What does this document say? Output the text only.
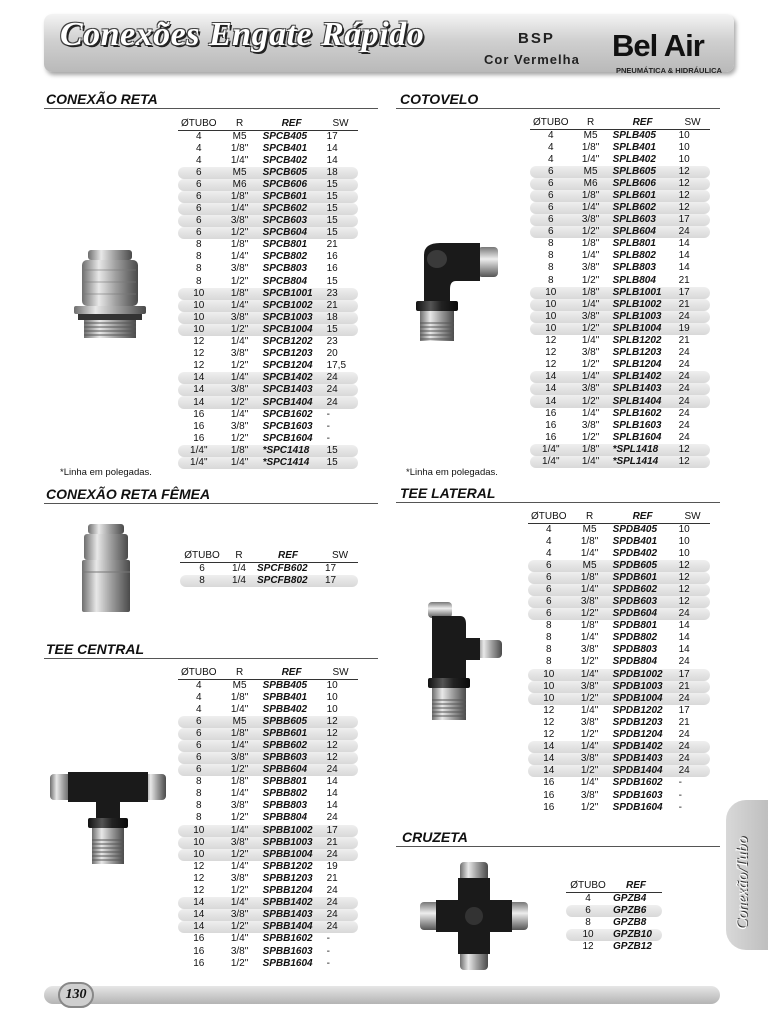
Conexões Engate Rápido	BSP
Cor Vermelha Bel Air
PNEUMÁTICA & HIDRÁULICA
CONEXÃO RETA
ØTUBO	R	REF	SW
4	M5	SPCB405	17
4	1/8"	SPCB401	14
4	1/4"	SPCB402	14
6	M5	SPCB605	18
6	M6	SPCB606	15
6	1/8"	SPCB601	15
6	1/4"	SPCB602	15
6	3/8"	SPCB603	15
6	1/2"	SPCB604	15
8	1/8"	SPCB801	21
8	1/4"	SPCB802	16
8	3/8"	SPCB803	16
8	1/2"	SPCB804	15
10	1/8"	SPCB1001	23
10	1/4"	SPCB1002	21
10	3/8"	SPCB1003	18
10	1/2"	SPCB1004	15
12	1/4"	SPCB1202	23
12	3/8"	SPCB1203	20
12	1/2"	SPCB1204	17,5
14	1/4"	SPCB1402	24
14	3/8"	SPCB1403	24
14	1/2"	SPCB1404	24
16	1/4"	SPCB1602	-
16	3/8"	SPCB1603	-
16	1/2"	SPCB1604	-
1/4"	1/8"	*SPC1418	15
1/4"	1/4"	*SPC1414	15
*Linha em polegadas.
COTOVELO
ØTUBO	R	REF	SW
4	M5	SPLB405	10
4	1/8"	SPLB401	10
4	1/4"	SPLB402	10
6	M5	SPLB605	12
6	M6	SPLB606	12
6	1/8"	SPLB601	12
6	1/4"	SPLB602	12
6	3/8"	SPLB603	17
6	1/2"	SPLB604	24
8	1/8"	SPLB801	14
8	1/4"	SPLB802	14
8	3/8"	SPLB803	14
8	1/2"	SPLB804	21
10	1/8"	SPLB1001	17
10	1/4"	SPLB1002	21
10	3/8"	SPLB1003	24
10	1/2"	SPLB1004	19
12	1/4"	SPLB1202	21
12	3/8"	SPLB1203	24
12	1/2"	SPLB1204	24
14	1/4"	SPLB1402	24
14	3/8"	SPLB1403	24
14	1/2"	SPLB1404	24
16	1/4"	SPLB1602	24
16	3/8"	SPLB1603	24
16	1/2"	SPLB1604	24
1/4"	1/8"	*SPL1418	12
1/4"	1/4"	*SPL1414	12
*Linha em polegadas.
CONEXÃO RETA FÊMEA
ØTUBO	R	REF	SW
6	1/4	SPCFB602	17
8	1/4	SPCFB802	17
TEE LATERAL
ØTUBO	R	REF	SW
4	M5	SPDB405	10
4	1/8"	SPDB401	10
4	1/4"	SPDB402	10
6	M5	SPDB605	12
6	1/8"	SPDB601	12
6	1/4"	SPDB602	12
6	3/8"	SPDB603	12
6	1/2"	SPDB604	24
8	1/8"	SPDB801	14
8	1/4"	SPDB802	14
8	3/8"	SPDB803	14
8	1/2"	SPDB804	24
10	1/4"	SPDB1002	17
10	3/8"	SPDB1003	21
10	1/2"	SPDB1004	24
12	1/4"	SPDB1202	17
12	3/8"	SPDB1203	21
12	1/2"	SPDB1204	24
14	1/4"	SPDB1402	24
14	3/8"	SPDB1403	24
14	1/2"	SPDB1404	24
16	1/4"	SPDB1602	-
16	3/8"	SPDB1603	-
16	1/2"	SPDB1604	-
TEE CENTRAL
ØTUBO	R	REF	SW
4	M5	SPBB405	10
4	1/8"	SPBB401	10
4	1/4"	SPBB402	10
6	M5	SPBB605	12
6	1/8"	SPBB601	12
6	1/4"	SPBB602	12
6	3/8"	SPBB603	12
6	1/2"	SPBB604	24
8	1/8"	SPBB801	14
8	1/4"	SPBB802	14
8	3/8"	SPBB803	14
8	1/2"	SPBB804	24
10	1/4"	SPBB1002	17
10	3/8"	SPBB1003	21
10	1/2"	SPBB1004	24
12	1/4"	SPBB1202	19
12	3/8"	SPBB1203	21
12	1/2"	SPBB1204	24
14	1/4"	SPBB1402	24
14	3/8"	SPBB1403	24
14	1/2"	SPBB1404	24
16	1/4"	SPBB1602	-
16	3/8"	SPBB1603	-
16	1/2"	SPBB1604	-
CRUZETA
ØTUBO	REF
4	GPZB4
6	GPZB6
8	GPZB8
10	GPZB10
12	GPZB12
Conexão/Tubo
130
